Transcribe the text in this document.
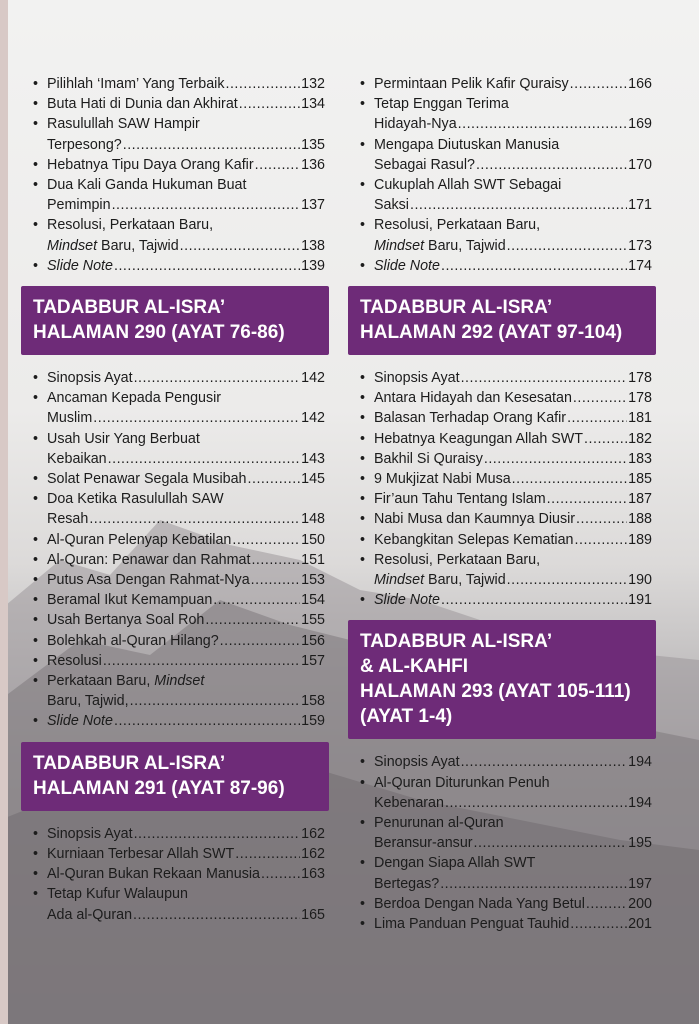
• Pilihlah ‘Imam’ Yang Terbaik .....	132
• Buta Hati di Dunia dan Akhirat .....	134
• Rasulullah SAW Hampir
Terpesong? .....	135
• Hebatnya Tipu Daya Orang Kafir .....	136
• Dua Kali Ganda Hukuman Buat
Pemimpin .....	137
• Resolusi, Perkataan Baru,
Mindset Baru, Tajwid .....	138
• Slide Note .....	139
TADABBUR AL-ISRA’
HALAMAN 290 (AYAT 76-86)
• Sinopsis Ayat .....	142
• Ancaman Kepada Pengusir
Muslim .....	142
• Usah Usir Yang Berbuat
Kebaikan .....	143
• Solat Penawar Segala Musibah .....	145
• Doa Ketika Rasulullah SAW
Resah .....	148
• Al-Quran Pelenyap Kebatilan .....	150
• Al-Quran: Penawar dan Rahmat .....	151
• Putus Asa Dengan Rahmat-Nya .....	153
• Beramal Ikut Kemampuan .....	154
• Usah Bertanya Soal Roh .....	155
• Bolehkah al-Quran Hilang? .....	156
• Resolusi .....	157
• Perkataan Baru, Mindset
Baru, Tajwid, .....	158
• Slide Note .....	159
TADABBUR AL-ISRA’
HALAMAN 291 (AYAT 87-96)
• Sinopsis Ayat .....	162
• Kurniaan Terbesar Allah SWT .....	162
• Al-Quran Bukan Rekaan Manusia .....	163
• Tetap Kufur Walaupun
Ada al-Quran .....	165
• Permintaan Pelik Kafir Quraisy .....	166
• Tetap Enggan Terima
Hidayah-Nya .....	169
• Mengapa Diutuskan Manusia
Sebagai Rasul? .....	170
• Cukuplah Allah SWT Sebagai
Saksi .....	171
• Resolusi, Perkataan Baru,
Mindset Baru, Tajwid .....	173
• Slide Note .....	174
TADABBUR AL-ISRA’
HALAMAN 292 (AYAT 97-104)
• Sinopsis Ayat .....	178
• Antara Hidayah dan Kesesatan .....	178
• Balasan Terhadap Orang Kafir .....	181
• Hebatnya Keagungan Allah SWT .....	182
• Bakhil Si Quraisy .....	183
• 9 Mukjizat Nabi Musa .....	185
• Fir’aun Tahu Tentang Islam .....	187
• Nabi Musa dan Kaumnya Diusir .....	188
• Kebangkitan Selepas Kematian .....	189
• Resolusi, Perkataan Baru,
Mindset Baru, Tajwid .....	190
• Slide Note .....	191
TADABBUR AL-ISRA’
& AL-KAHFI
HALAMAN 293 (AYAT 105-111)
(AYAT 1-4)
• Sinopsis Ayat .....	194
• Al-Quran Diturunkan Penuh
Kebenaran .....	194
• Penurunan al-Quran
Beransur-ansur .....	195
• Dengan Siapa Allah SWT
Bertegas? .....	197
• Berdoa Dengan Nada Yang Betul .....	200
• Lima Panduan Penguat Tauhid .....	201
